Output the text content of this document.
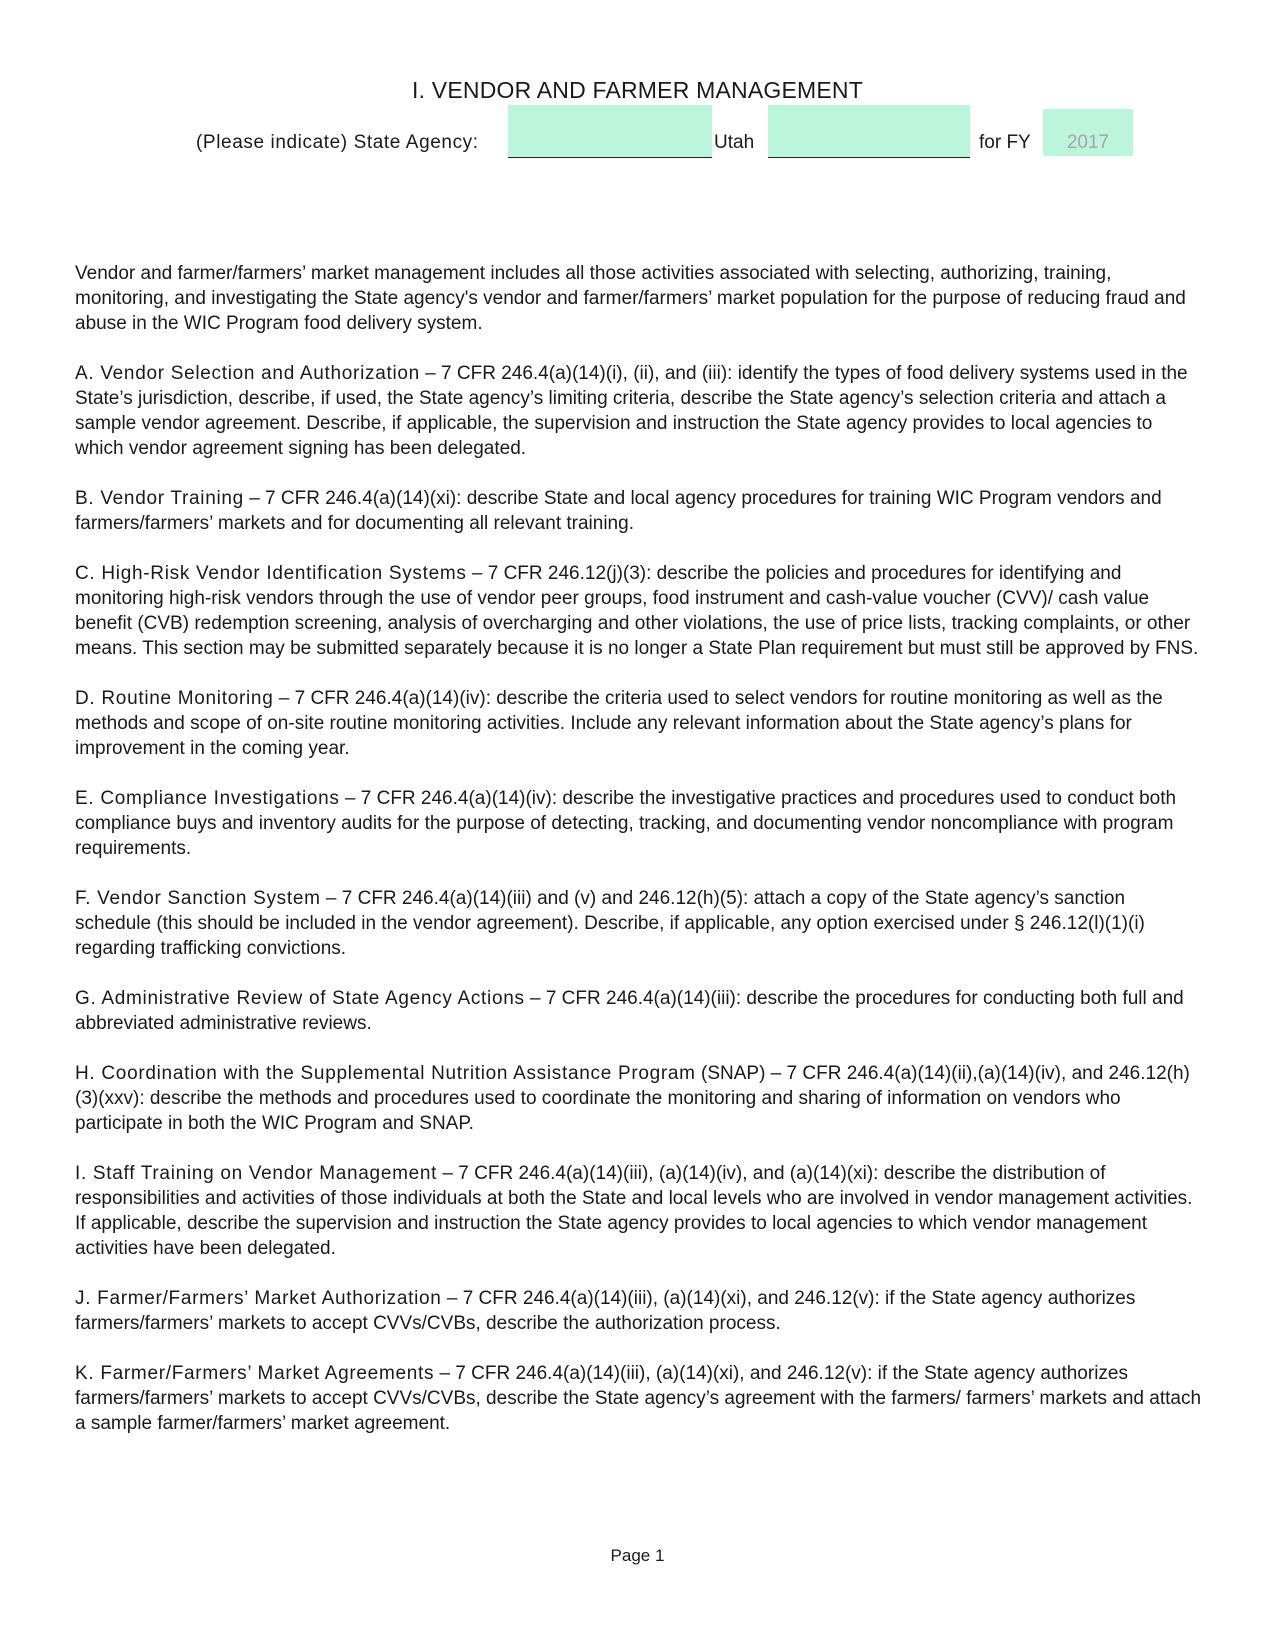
I. VENDOR AND FARMER MANAGEMENT
(Please indicate) State Agency:	Utah	for FY	2017

Vendor and farmer/farmers’ market management includes all those activities associated with selecting, authorizing, training, monitoring, and investigating the State agency's vendor and farmer/farmers’ market population for the purpose of reducing fraud and abuse in the WIC Program food delivery system.

A. Vendor Selection and Authorization – 7 CFR 246.4(a)(14)(i), (ii), and (iii): identify the types of food delivery systems used in the State’s jurisdiction, describe, if used, the State agency’s limiting criteria, describe the State agency’s selection criteria and attach a sample vendor agreement. Describe, if applicable, the supervision and instruction the State agency provides to local agencies to which vendor agreement signing has been delegated.

B. Vendor Training – 7 CFR 246.4(a)(14)(xi): describe State and local agency procedures for training WIC Program vendors and farmers/farmers’ markets and for documenting all relevant training.

C. High-Risk Vendor Identification Systems – 7 CFR 246.12(j)(3): describe the policies and procedures for identifying and monitoring high-risk vendors through the use of vendor peer groups, food instrument and cash-value voucher (CVV)/ cash value benefit (CVB) redemption screening, analysis of overcharging and other violations, the use of price lists, tracking complaints, or other means. This section may be submitted separately because it is no longer a State Plan requirement but must still be approved by FNS.

D. Routine Monitoring – 7 CFR 246.4(a)(14)(iv): describe the criteria used to select vendors for routine monitoring as well as the methods and scope of on-site routine monitoring activities. Include any relevant information about the State agency’s plans for improvement in the coming year.

E. Compliance Investigations – 7 CFR 246.4(a)(14)(iv): describe the investigative practices and procedures used to conduct both compliance buys and inventory audits for the purpose of detecting, tracking, and documenting vendor noncompliance with program requirements.

F. Vendor Sanction System – 7 CFR 246.4(a)(14)(iii) and (v) and 246.12(h)(5): attach a copy of the State agency’s sanction schedule (this should be included in the vendor agreement). Describe, if applicable, any option exercised under § 246.12(l)(1)(i) regarding trafficking convictions.

G. Administrative Review of State Agency Actions – 7 CFR 246.4(a)(14)(iii): describe the procedures for conducting both full and abbreviated administrative reviews.

H. Coordination with the Supplemental Nutrition Assistance Program (SNAP) – 7 CFR 246.4(a)(14)(ii),(a)(14)(iv), and 246.12(h)(3)(xxv): describe the methods and procedures used to coordinate the monitoring and sharing of information on vendors who participate in both the WIC Program and SNAP.

I. Staff Training on Vendor Management – 7 CFR 246.4(a)(14)(iii), (a)(14)(iv), and (a)(14)(xi): describe the distribution of responsibilities and activities of those individuals at both the State and local levels who are involved in vendor management activities. If applicable, describe the supervision and instruction the State agency provides to local agencies to which vendor management activities have been delegated.

J. Farmer/Farmers’ Market Authorization – 7 CFR 246.4(a)(14)(iii), (a)(14)(xi), and 246.12(v): if the State agency authorizes farmers/farmers’ markets to accept CVVs/CVBs, describe the authorization process.

K. Farmer/Farmers’ Market Agreements – 7 CFR 246.4(a)(14)(iii), (a)(14)(xi), and 246.12(v): if the State agency authorizes farmers/farmers’ markets to accept CVVs/CVBs, describe the State agency’s agreement with the farmers/ farmers’ markets and attach a sample farmer/farmers’ market agreement.

Page 1
